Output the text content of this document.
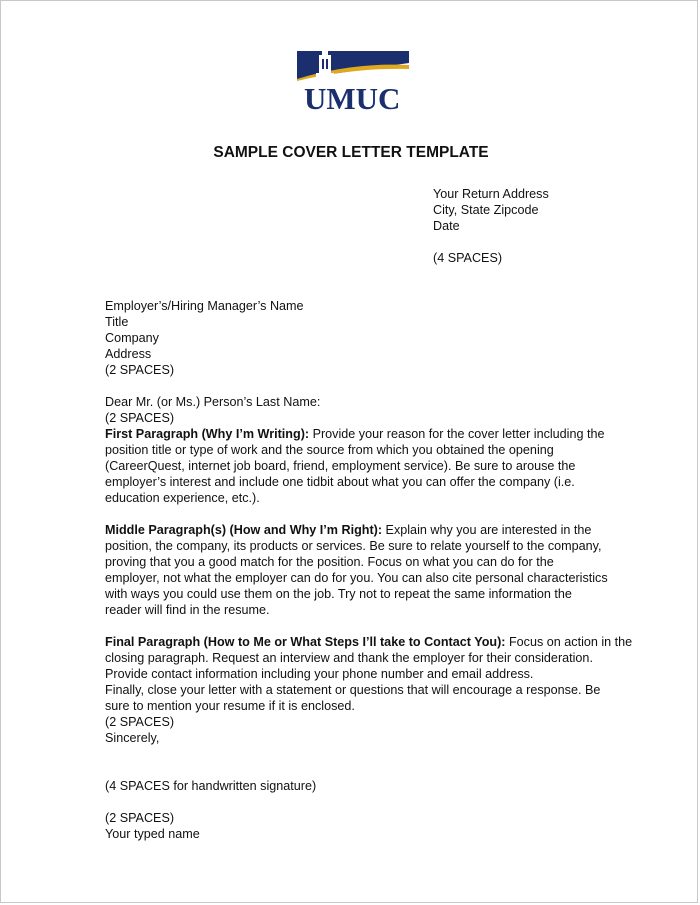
UMUC
SAMPLE COVER LETTER TEMPLATE
Your Return Address
City, State Zipcode
Date
(4 SPACES)
Employer’s/Hiring Manager’s Name
Title
Company
Address
(2 SPACES)
Dear Mr. (or Ms.) Person’s Last Name:
(2 SPACES)
First Paragraph (Why I’m Writing): Provide your reason for the cover letter including the
position title or type of work and the source from which you obtained the opening
(CareerQuest, internet job board, friend, employment service). Be sure to arouse the
employer’s interest and include one tidbit about what you can offer the company (i.e.
education experience, etc.).
Middle Paragraph(s) (How and Why I’m Right): Explain why you are interested in the
position, the company, its products or services. Be sure to relate yourself to the company,
proving that you a good match for the position. Focus on what you can do for the
employer, not what the employer can do for you. You can also cite personal characteristics
with ways you could use them on the job. Try not to repeat the same information the
reader will find in the resume.
Final Paragraph (How to Me or What Steps I’ll take to Contact You): Focus on action in the
closing paragraph. Request an interview and thank the employer for their consideration.
Provide contact information including your phone number and email address.
Finally, close your letter with a statement or questions that will encourage a response. Be
sure to mention your resume if it is enclosed.
(2 SPACES)
Sincerely,
(4 SPACES for handwritten signature)
(2 SPACES)
Your typed name
